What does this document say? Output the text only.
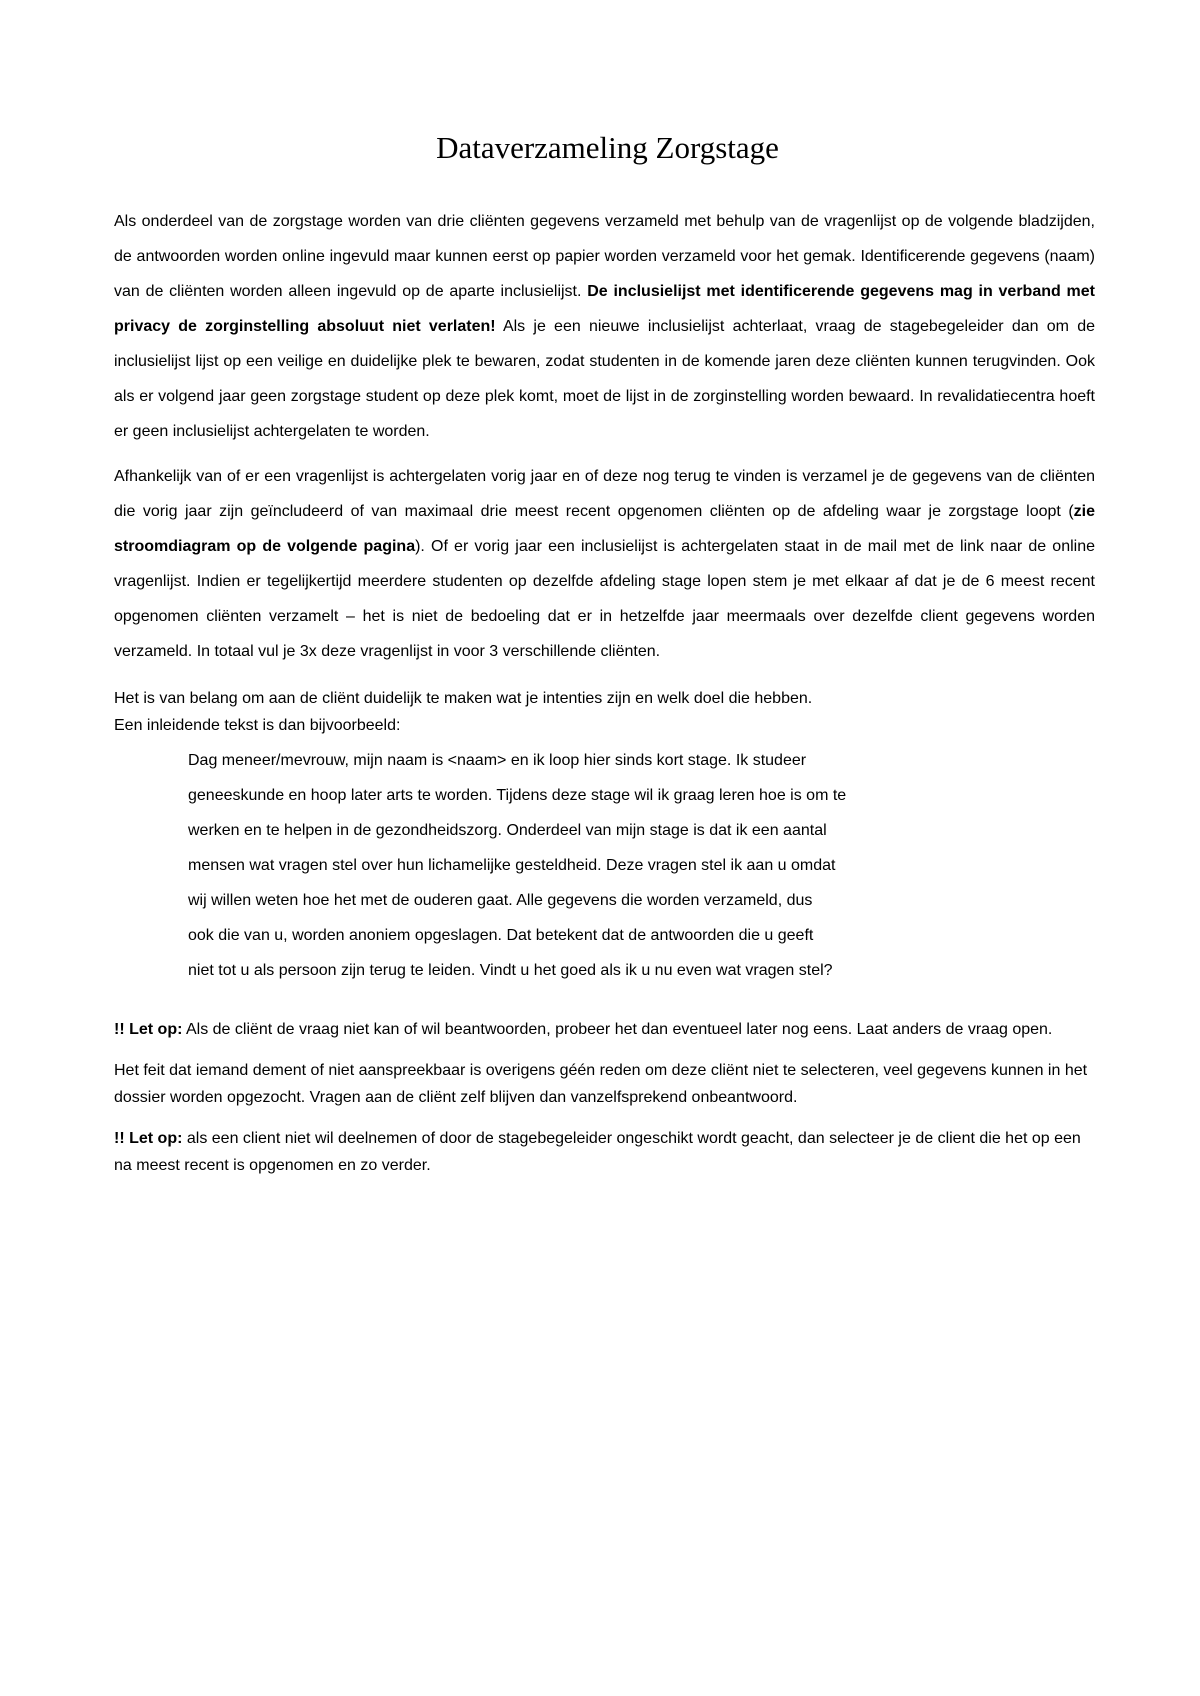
Dataverzameling Zorgstage

Als onderdeel van de zorgstage worden van drie cliënten gegevens verzameld met behulp van de vragenlijst op de volgende bladzijden, de antwoorden worden online ingevuld maar kunnen eerst op papier worden verzameld voor het gemak. Identificerende gegevens (naam) van de cliënten worden alleen ingevuld op de aparte inclusielijst. De inclusielijst met identificerende gegevens mag in verband met privacy de zorginstelling absoluut niet verlaten! Als je een nieuwe inclusielijst achterlaat, vraag de stagebegeleider dan om de inclusielijst lijst op een veilige en duidelijke plek te bewaren, zodat studenten in de komende jaren deze cliënten kunnen terugvinden. Ook als er volgend jaar geen zorgstage student op deze plek komt, moet de lijst in de zorginstelling worden bewaard. In revalidatiecentra hoeft er geen inclusielijst achtergelaten te worden.

Afhankelijk van of er een vragenlijst is achtergelaten vorig jaar en of deze nog terug te vinden is verzamel je de gegevens van de cliënten die vorig jaar zijn geïncludeerd of van maximaal drie meest recent opgenomen cliënten op de afdeling waar je zorgstage loopt (zie stroomdiagram op de volgende pagina). Of er vorig jaar een inclusielijst is achtergelaten staat in de mail met de link naar de online vragenlijst. Indien er tegelijkertijd meerdere studenten op dezelfde afdeling stage lopen stem je met elkaar af dat je de 6 meest recent opgenomen cliënten verzamelt – het is niet de bedoeling dat er in hetzelfde jaar meermaals over dezelfde client gegevens worden verzameld. In totaal vul je 3x deze vragenlijst in voor 3 verschillende cliënten.

Het is van belang om aan de cliënt duidelijk te maken wat je intenties zijn en welk doel die hebben.

Een inleidende tekst is dan bijvoorbeeld:

Dag meneer/mevrouw, mijn naam is <naam> en ik loop hier sinds kort stage. Ik studeer
geneeskunde en hoop later arts te worden. Tijdens deze stage wil ik graag leren hoe is om te
werken en te helpen in de gezondheidszorg. Onderdeel van mijn stage is dat ik een aantal
mensen wat vragen stel over hun lichamelijke gesteldheid. Deze vragen stel ik aan u omdat
wij willen weten hoe het met de ouderen gaat. Alle gegevens die worden verzameld, dus
ook die van u, worden anoniem opgeslagen. Dat betekent dat de antwoorden die u geeft
niet tot u als persoon zijn terug te leiden. Vindt u het goed als ik u nu even wat vragen stel?

!! Let op: Als de cliënt de vraag niet kan of wil beantwoorden, probeer het dan eventueel later nog eens. Laat anders de vraag open.

Het feit dat iemand dement of niet aanspreekbaar is overigens géén reden om deze cliënt niet te selecteren, veel gegevens kunnen in het dossier worden opgezocht. Vragen aan de cliënt zelf blijven dan vanzelfsprekend onbeantwoord.

!! Let op: als een client niet wil deelnemen of door de stagebegeleider ongeschikt wordt geacht, dan selecteer je de client die het op een na meest recent is opgenomen en zo verder.
